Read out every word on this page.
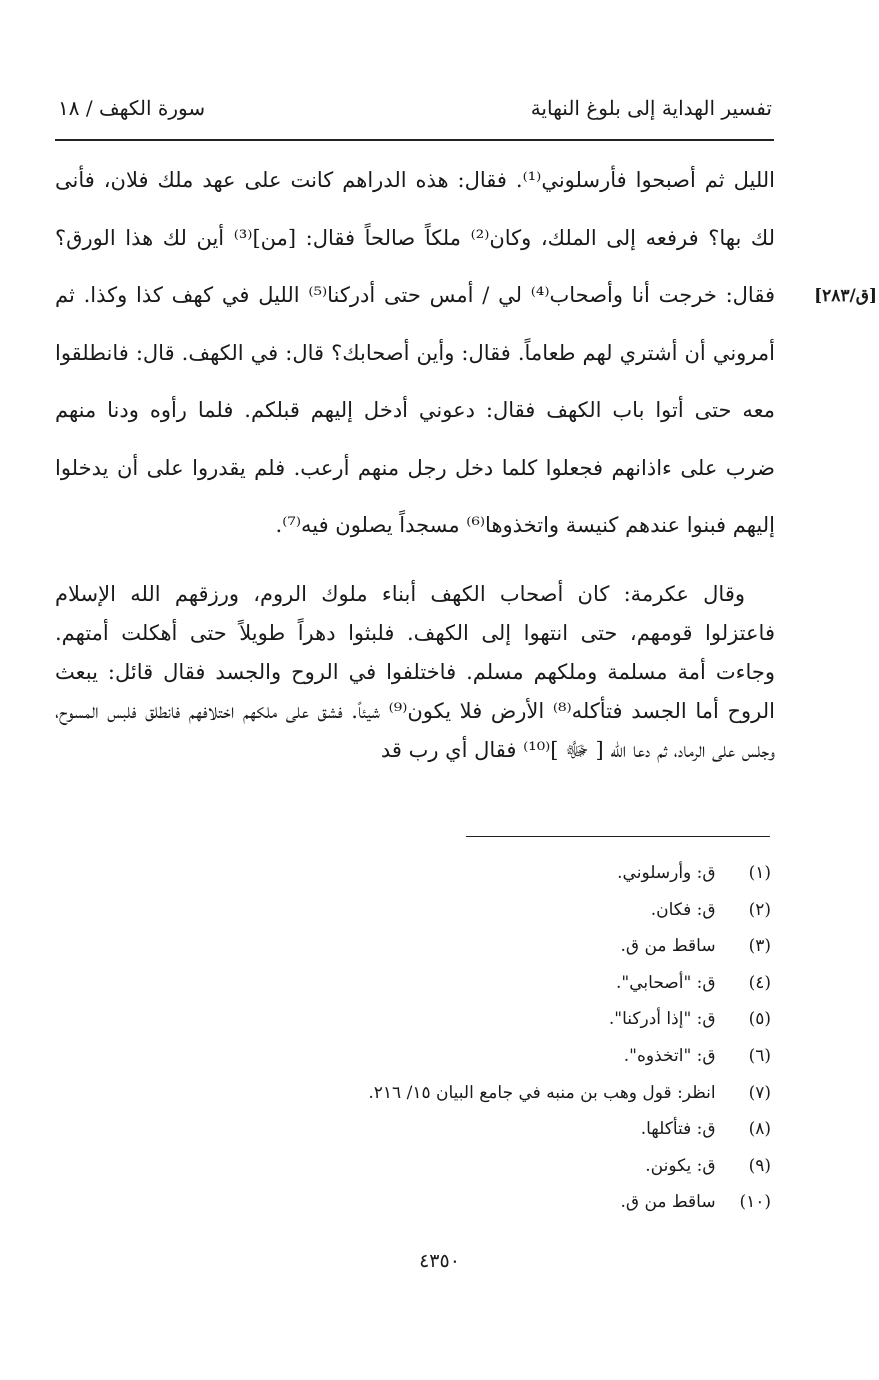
تفسير الهداية إلى بلوغ النهاية
سورة الكهف / ١٨
[ق/٢٨٣]

الليل ثم أصبحوا فأرسلوني⁽¹⁾. فقال: هذه الدراهم كانت على عهد ملك فلان، فأنى لك بها؟ فرفعه إلى الملك، وكان⁽²⁾ ملكاً صالحاً فقال: [من]⁽³⁾ أين لك هذا الورق؟ فقال: خرجت أنا وأصحاب⁽⁴⁾ لي / أمس حتى أدركنا⁽⁵⁾ الليل في كهف كذا وكذا. ثم أمروني أن أشتري لهم طعاماً. فقال: وأين أصحابك؟ قال: في الكهف. قال: فانطلقوا معه حتى أتوا باب الكهف فقال: دعوني أدخل إليهم قبلكم. فلما رأوه ودنا منهم ضرب على ءاذانهم فجعلوا كلما دخل رجل منهم أرعب. فلم يقدروا على أن يدخلوا إليهم فبنوا عندهم كنيسة واتخذوها⁽⁶⁾ مسجداً يصلون فيه⁽⁷⁾.

وقال عكرمة: كان أصحاب الكهف أبناء ملوك الروم، ورزقهم الله الإسلام فاعتزلوا قومهم، حتى انتهوا إلى الكهف. فلبثوا دهراً طويلاً حتى أهكلت أمتهم. وجاءت أمة مسلمة وملكهم مسلم. فاختلفوا في الروح والجسد فقال قائل: يبعث الروح أما الجسد فتأكله⁽⁸⁾ الأرض فلا يكون⁽⁹⁾ شيئاً. فشق على ملكهم اختلافهم فانطلق فلبس المسوح، وجلس على الرماد، ثم دعا الله [ ﷻ ]⁽¹⁰⁾ فقال أي رب قد

(١) ق: وأرسلوني.
(٢) ق: فكان.
(٣) ساقط من ق.
(٤) ق: "أصحابي".
(٥) ق: "إذا أدركنا".
(٦) ق: "اتخذوه".
(٧) انظر: قول وهب بن منبه في جامع البيان ١٥/ ٢١٦.
(٨) ق: فتأكلها.
(٩) ق: يكونن.
(١٠) ساقط من ق.
٤٣٥٠
